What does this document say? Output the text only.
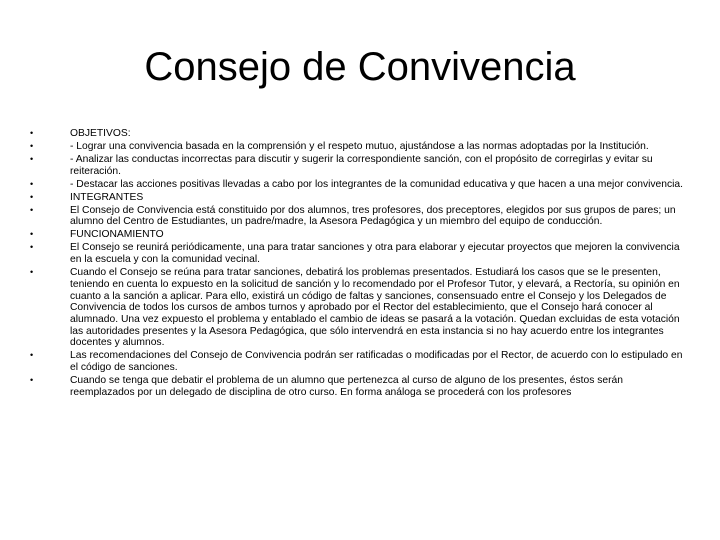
Consejo de Convivencia
•	OBJETIVOS:
•	- Lograr una convivencia basada en la comprensión y el respeto mutuo, ajustándose a las normas adoptadas por la Institución.
•	- Analizar las conductas incorrectas para discutir y sugerir la correspondiente sanción, con el propósito de corregirlas y evitar su reiteración.
•	- Destacar las acciones positivas llevadas a cabo por los integrantes de la comunidad educativa y que hacen a una mejor convivencia.
•	INTEGRANTES
•	El Consejo de Convivencia está constituido por dos alumnos, tres profesores, dos preceptores, elegidos por sus grupos de pares; un alumno del Centro de Estudiantes, un padre/madre, la Asesora Pedagógica y un miembro del equipo de conducción.
•	FUNCIONAMIENTO
•	El Consejo se reunirá periódicamente, una para tratar sanciones y otra para elaborar y ejecutar proyectos que mejoren la convivencia en la escuela y con la comunidad vecinal.
•	Cuando el Consejo se reúna para tratar sanciones, debatirá los problemas presentados. Estudiará los casos que se le presenten, teniendo en cuenta lo expuesto en la solicitud de sanción y lo recomendado por el Profesor Tutor, y elevará, a Rectoría, su opinión en cuanto a la sanción a aplicar. Para ello, existirá un código de faltas y sanciones, consensuado entre el Consejo y los Delegados de Convivencia de todos los cursos de ambos turnos y aprobado por el Rector del establecimiento, que el Consejo hará conocer al alumnado. Una vez expuesto el problema y entablado el cambio de ideas se pasará a la votación. Quedan excluidas de esta votación las autoridades presentes y la Asesora Pedagógica, que sólo intervendrá en esta instancia si no hay acuerdo entre los integrantes docentes y alumnos.
•	Las recomendaciones del Consejo de Convivencia podrán ser ratificadas o modificadas por el Rector, de acuerdo con lo estipulado en el código de sanciones.
•	Cuando se tenga que debatir el problema de un alumno que pertenezca al curso de alguno de los presentes, éstos serán reemplazados por un delegado de disciplina de otro curso. En forma análoga se procederá con los profesores
